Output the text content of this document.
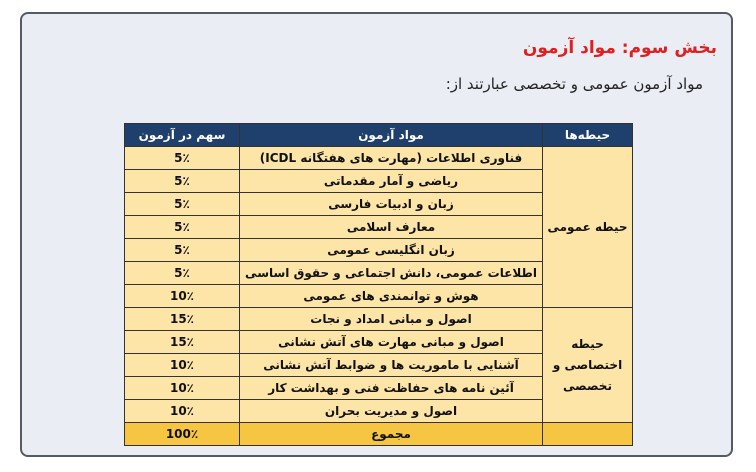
بخش سوم: مواد آزمون

مواد آزمون عمومی و تخصصی عبارتند از:

حیطه‌ها	مواد آزمون	سهم در آزمون
حیطه عمومی	فناوری اطلاعات (مهارت های هفتگانه ICDL)	5٪
	ریاضی و آمار مقدماتی	5٪
	زبان و ادبیات فارسی	5٪
	معارف اسلامی	5٪
	زبان انگلیسی عمومی	5٪
	اطلاعات عمومی، دانش اجتماعی و حقوق اساسی	5٪
	هوش و توانمندی های عمومی	10٪
حیطه اختصاصی و تخصصی	اصول و مبانی امداد و نجات	15٪
	اصول و مبانی مهارت های آتش نشانی	15٪
	آشنایی با ماموریت ها و ضوابط آتش نشانی	10٪
	آئین نامه های حفاظت فنی و بهداشت کار	10٪
	اصول و مدیریت بحران	10٪
	مجموع	100٪
